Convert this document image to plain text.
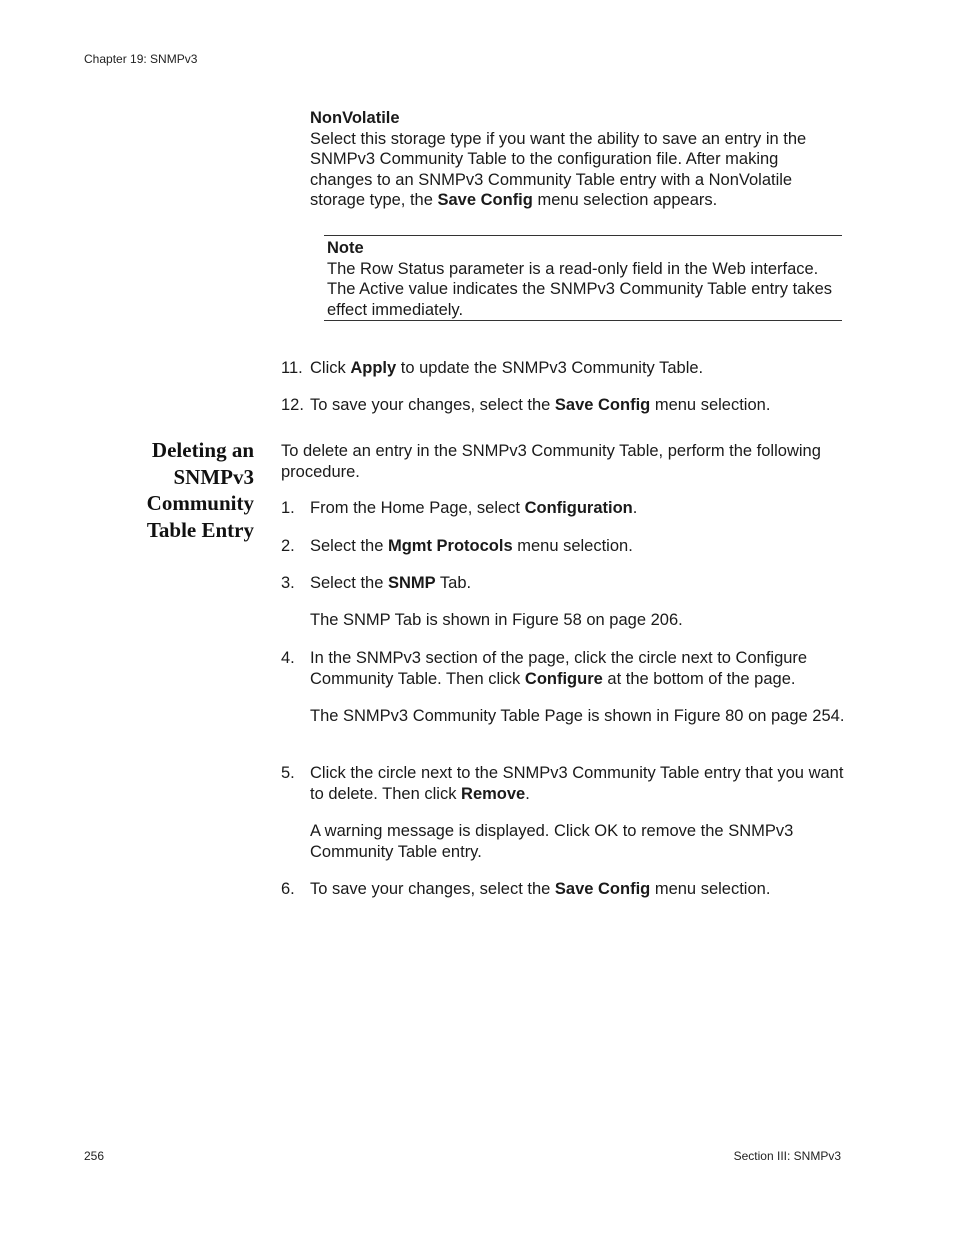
Chapter 19: SNMPv3
NonVolatile
Select this storage type if you want the ability to save an entry in the SNMPv3 Community Table to the configuration file. After making changes to an SNMPv3 Community Table entry with a NonVolatile storage type, the Save Config menu selection appears.
Note
The Row Status parameter is a read-only field in the Web interface. The Active value indicates the SNMPv3 Community Table entry takes effect immediately.
11. Click Apply to update the SNMPv3 Community Table.
12. To save your changes, select the Save Config menu selection.
Deleting an
SNMPv3
Community
Table Entry
To delete an entry in the SNMPv3 Community Table, perform the following procedure.
1. From the Home Page, select Configuration.
2. Select the Mgmt Protocols menu selection.
3. Select the SNMP Tab.
The SNMP Tab is shown in Figure 58 on page 206.
4. In the SNMPv3 section of the page, click the circle next to Configure Community Table. Then click Configure at the bottom of the page.
The SNMPv3 Community Table Page is shown in Figure 80 on page 254.
5. Click the circle next to the SNMPv3 Community Table entry that you want to delete. Then click Remove.
A warning message is displayed. Click OK to remove the SNMPv3 Community Table entry.
6. To save your changes, select the Save Config menu selection.
256	Section III: SNMPv3
